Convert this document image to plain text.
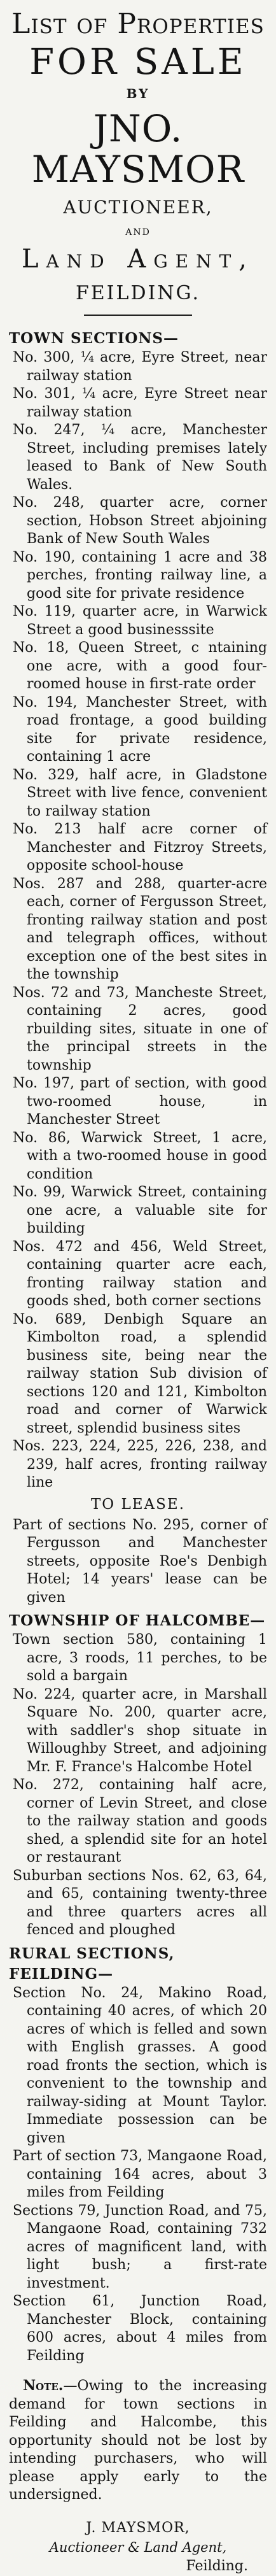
List of Properties
FOR SALE
BY
JNO. MAYSMOR
AUCTIONEER,
AND
Land Agent,
FEILDING.
TOWN SECTIONS—

No. 300, ¼ acre, Eyre Street, near railway station

No. 301, ¼ acre, Eyre Street near railway station

No. 247, ¼ acre, Manchester Street, including premises lately leased to Bank of New South Wales.

No. 248, quarter acre, corner section, Hobson Street abjoining Bank of New South Wales

No. 190, containing 1 acre and 38 perches, fronting railway line, a good site for private residence

No. 119, quarter acre, in Warwick Street a good businesssite

No. 18, Queen Street, c ntaining one acre, with a good four-roomed house in first-rate order

No. 194, Manchester Street, with road frontage, a good building site for private residence, containing 1 acre

No. 329, half acre, in Gladstone Street with live fence, convenient to railway station

No. 213 half acre corner of Manchester and Fitzroy Streets, opposite school-house

Nos. 287 and 288, quarter-acre each, corner of Fergusson Street, fronting railway station and post and telegraph offices, without exception one of the best sites in the township

Nos. 72 and 73, Mancheste Street, containing 2 acres, good rbuilding sites, situate in one of the principal streets in the township

No. 197, part of section, with good two-roomed house, in Manchester Street

No. 86, Warwick Street, 1 acre, with a two-roomed house in good condition

No. 99, Warwick Street, containing one acre, a valuable site for building

Nos. 472 and 456, Weld Street, containing quarter acre each, fronting railway station and goods shed, both corner sections

No. 689, Denbigh Square an Kimbolton road, a splendid business site, being near the railway station Sub division of sections 120 and 121, Kimbolton road and corner of Warwick street, splendid business sites

Nos. 223, 224, 225, 226, 238, and 239, half acres, fronting railway line

TO LEASE.

Part of sections No. 295, corner of Fergusson and Manchester streets, opposite Roe's Denbigh Hotel; 14 years' lease can be given

TOWNSHIP OF HALCOMBE—

Town section 580, containing 1 acre, 3 roods, 11 perches, to be sold a bargain

No. 224, quarter acre, in Marshall Square No. 200, quarter acre, with saddler's shop situate in Willoughby Street, and adjoining Mr. F. France's Halcombe Hotel

No. 272, containing half acre, corner of Levin Street, and close to the railway station and goods shed, a splendid site for an hotel or restaurant

Suburban sections Nos. 62, 63, 64, and 65, containing twenty-three and three quarters acres all fenced and ploughed

RURAL SECTIONS, FEILDING—

Section No. 24, Makino Road, containing 40 acres, of which 20 acres of which is felled and sown with English grasses. A good road fronts the section, which is convenient to the township and railway-siding at Mount Taylor. Immediate possession can be given

Part of section 73, Mangaone Road, containing 164 acres, about 3 miles from Feilding

Sections 79, Junction Road, and 75, Mangaone Road, containing 732 acres of magnificent land, with light bush; a first-rate investment.

Section 61, Junction Road, Manchester Block, containing 600 acres, about 4 miles from Feilding

Note.—Owing to the increasing demand for town sections in Feilding and Halcombe, this opportunity should not be lost by intending purchasers, who will please apply early to the undersigned.

J. MAYSMOR,
Auctioneer & Land Agent,
Feilding.
